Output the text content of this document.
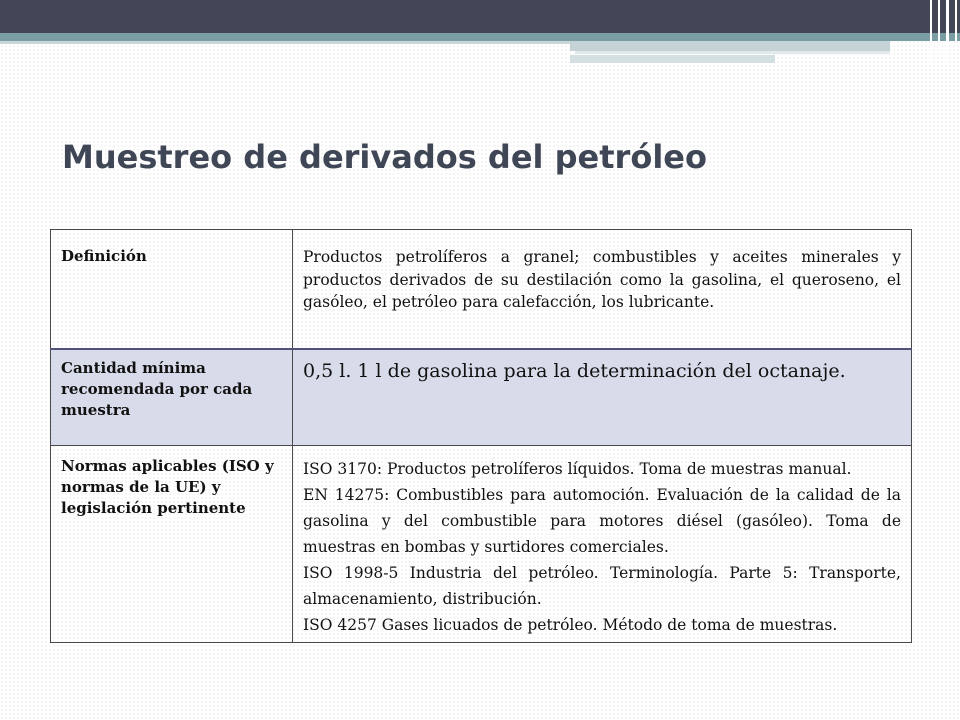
Muestreo de derivados del petróleo
Definición	Productos petrolíferos a granel; combustibles y aceites minerales y productos derivados de su destilación como la gasolina, el queroseno, el gasóleo, el petróleo para calefacción, los lubricante.

Cantidad mínima recomendada por cada muestra	0,5 l. 1 l de gasolina para la determinación del octanaje.

Normas aplicables (ISO y normas de la UE) y legislación pertinente	ISO 3170: Productos petrolíferos líquidos. Toma de muestras manual.
EN 14275: Combustibles para automoción. Evaluación de la calidad de la gasolina y del combustible para motores diésel (gasóleo). Toma de muestras en bombas y surtidores comerciales.
ISO 1998-5 Industria del petróleo. Terminología. Parte 5: Transporte, almacenamiento, distribución.
ISO 4257 Gases licuados de petróleo. Método de toma de muestras.
